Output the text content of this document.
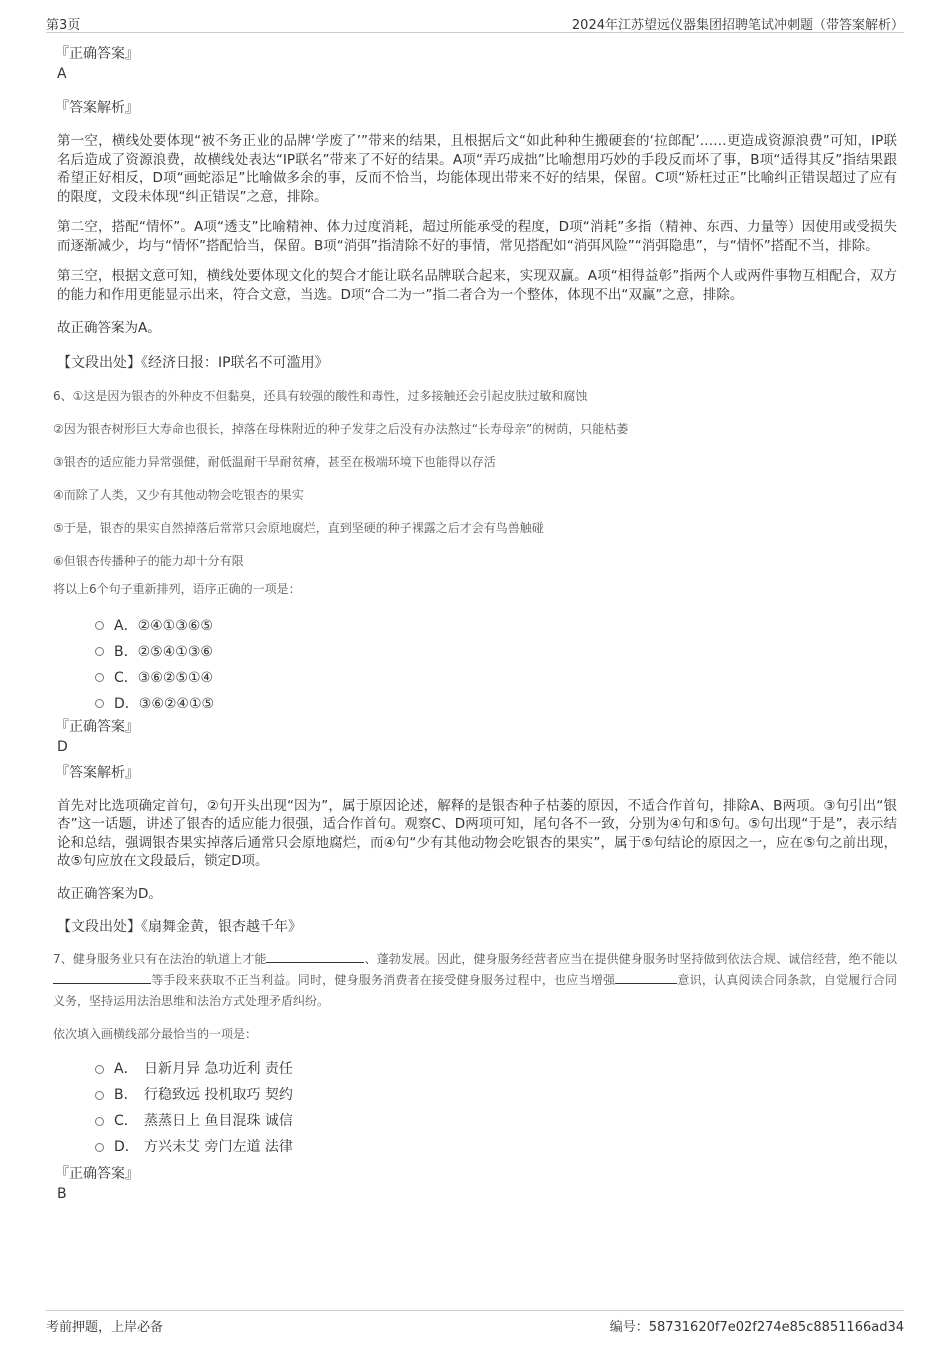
第3页	2024年江苏望远仪器集团招聘笔试冲刺题（带答案解析）
『正确答案』
A
『答案解析』

第一空，横线处要体现“被不务正业的品牌‘学废了’”带来的结果，且根据后文“如此种种生搬硬套的‘拉郎配’……更造成资源浪费”可知，IP联名后造成了资源浪费，故横线处表达“IP联名”带来了不好的结果。A项“弄巧成拙”比喻想用巧妙的手段反而坏了事，B项“适得其反”指结果跟希望正好相反，D项“画蛇添足”比喻做多余的事，反而不恰当，均能体现出带来不好的结果，保留。C项“矫枉过正”比喻纠正错误超过了应有的限度，文段未体现“纠正错误”之意，排除。

第二空，搭配“情怀”。A项“透支”比喻精神、体力过度消耗，超过所能承受的程度，D项“消耗”多指（精神、东西、力量等）因使用或受损失而逐渐减少，均与“情怀”搭配恰当，保留。B项“消弭”指清除不好的事情，常见搭配如“消弭风险”“消弭隐患”，与“情怀”搭配不当，排除。

第三空，根据文意可知，横线处要体现文化的契合才能让联名品牌联合起来，实现双赢。A项“相得益彰”指两个人或两件事物互相配合，双方的能力和作用更能显示出来，符合文意，当选。D项“合二为一”指二者合为一个整体，体现不出“双赢”之意，排除。

故正确答案为A。

【文段出处】《经济日报：IP联名不可滥用》
6、①这是因为银杏的外种皮不但黏臭，还具有较强的酸性和毒性，过多接触还会引起皮肤过敏和腐蚀
②因为银杏树形巨大寿命也很长，掉落在母株附近的种子发芽之后没有办法熬过“长寿母亲”的树荫，只能枯萎
③银杏的适应能力异常强健，耐低温耐干旱耐贫瘠，甚至在极端环境下也能得以存活
④而除了人类，又少有其他动物会吃银杏的果实
⑤于是，银杏的果实自然掉落后常常只会原地腐烂，直到坚硬的种子裸露之后才会有鸟兽触碰
⑥但银杏传播种子的能力却十分有限
将以上6个句子重新排列，语序正确的一项是：
A． ②④①③⑥⑤
B． ②⑤④①③⑥
C． ③⑥②⑤①④
D． ③⑥②④①⑤
『正确答案』
D
『答案解析』

首先对比选项确定首句，②句开头出现“因为”，属于原因论述，解释的是银杏种子枯萎的原因，不适合作首句，排除A、B两项。③句引出“银杏”这一话题，讲述了银杏的适应能力很强，适合作首句。观察C、D两项可知，尾句各不一致，分别为④句和⑤句。⑤句出现“于是”，表示结论和总结，强调银杏果实掉落后通常只会原地腐烂，而④句“少有其他动物会吃银杏的果实”，属于⑤句结论的原因之一，应在⑤句之前出现，故⑤句应放在文段最后，锁定D项。

故正确答案为D。

【文段出处】《扇舞金黄，银杏越千年》

7、健身服务业只有在法治的轨道上才能	、蓬勃发展。因此，健身服务经营者应当在提供健身服务时坚持做到依法合规、诚信经营，绝不能以等手段来获取不正当利益。同时，健身服务消费者在接受健身服务过程中，也应当增强	意识，认真阅读合同条款，自觉履行合同义务，坚持运用法治思维和法治方式处理矛盾纠纷。

依次填入画横线部分最恰当的一项是：
A． 日新月异 急功近利 责任
B． 行稳致远 投机取巧 契约
C． 蒸蒸日上 鱼目混珠 诚信
D． 方兴未艾 旁门左道 法律
『正确答案』
B
考前押题，上岸必备	编号：58731620f7e02f274e85c8851166ad34
